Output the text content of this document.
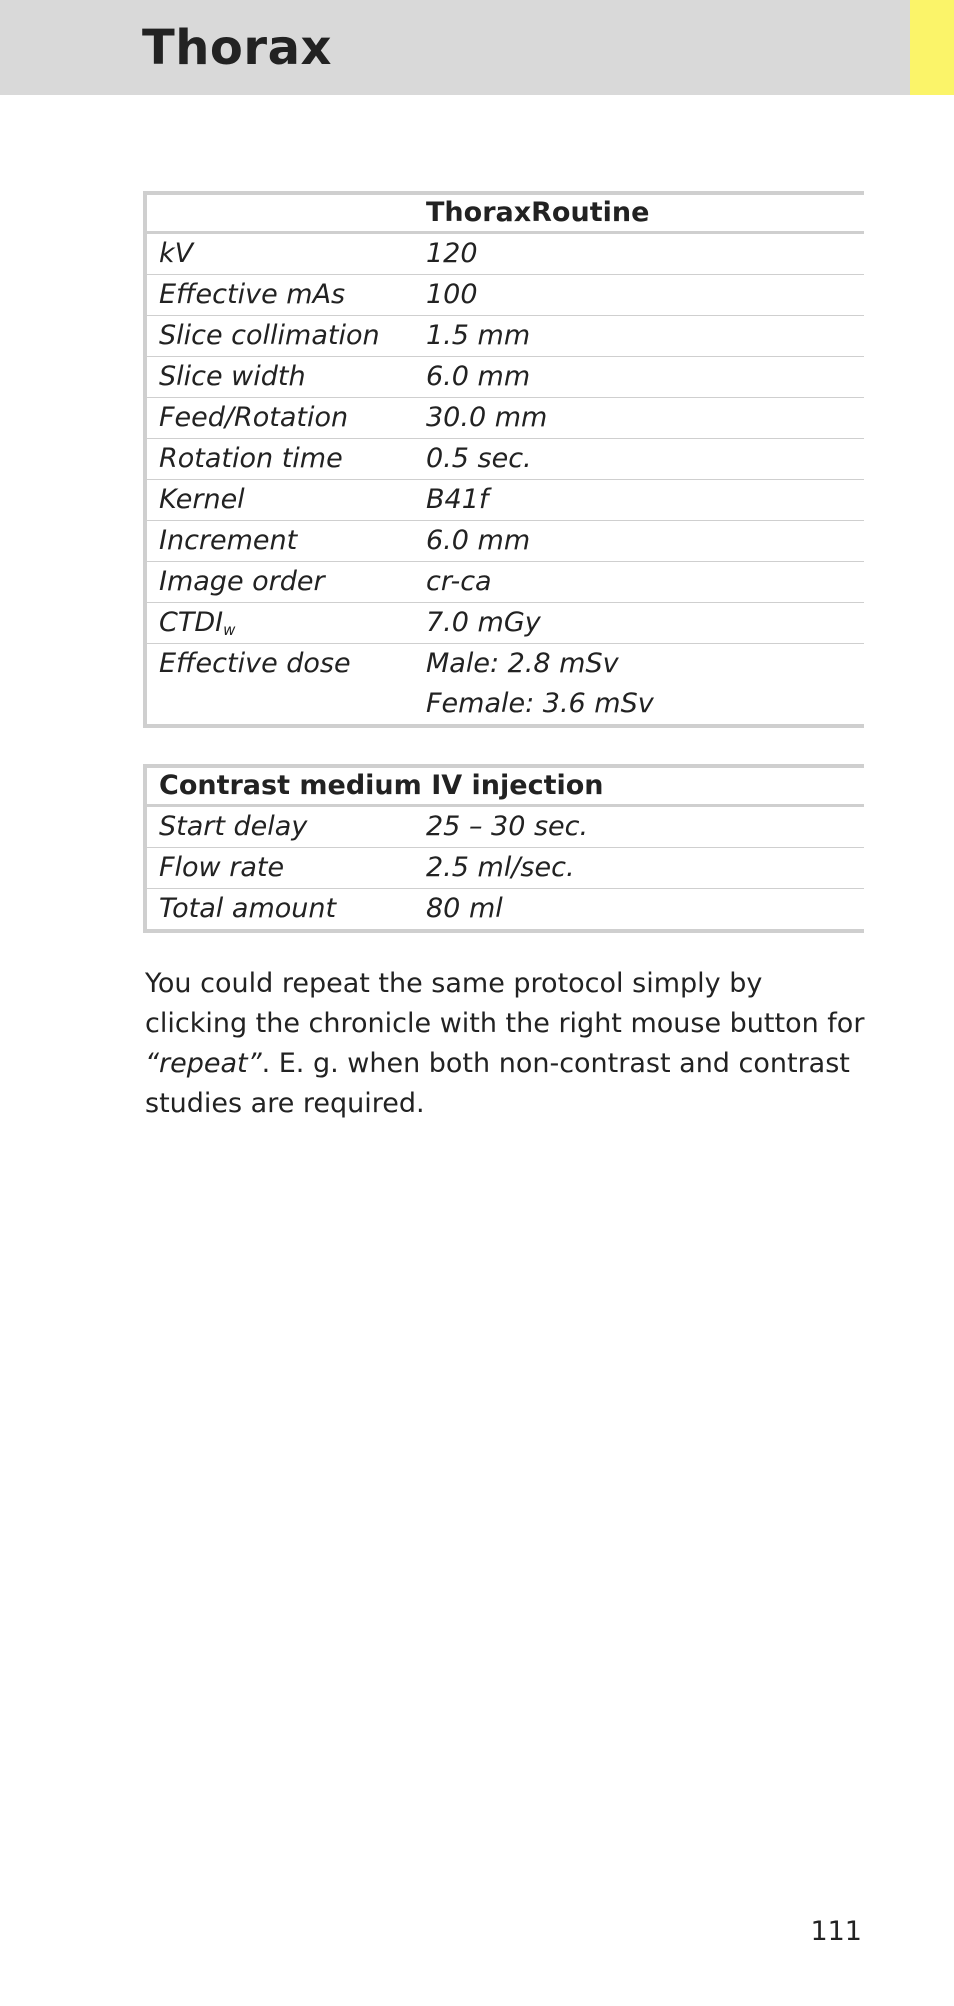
Thorax
	ThoraxRoutine
kV	120
Effective mAs	100
Slice collimation	1.5 mm
Slice width	6.0 mm
Feed/Rotation	30.0 mm
Rotation time	0.5 sec.
Kernel	B41f
Increment	6.0 mm
Image order	cr-ca
$CTDI_w$	7.0 mGy
Effective dose	Male: 2.8 mSv
Female: 3.6 mSv
Contrast medium IV injection	
Start delay	25 – 30 sec.
Flow rate	2.5 ml/sec.
Total amount	80 ml

You could repeat the same protocol simply by clicking the chronicle with the right mouse button for “repeat”. E. g. when both non-contrast and contrast studies are required.

111
